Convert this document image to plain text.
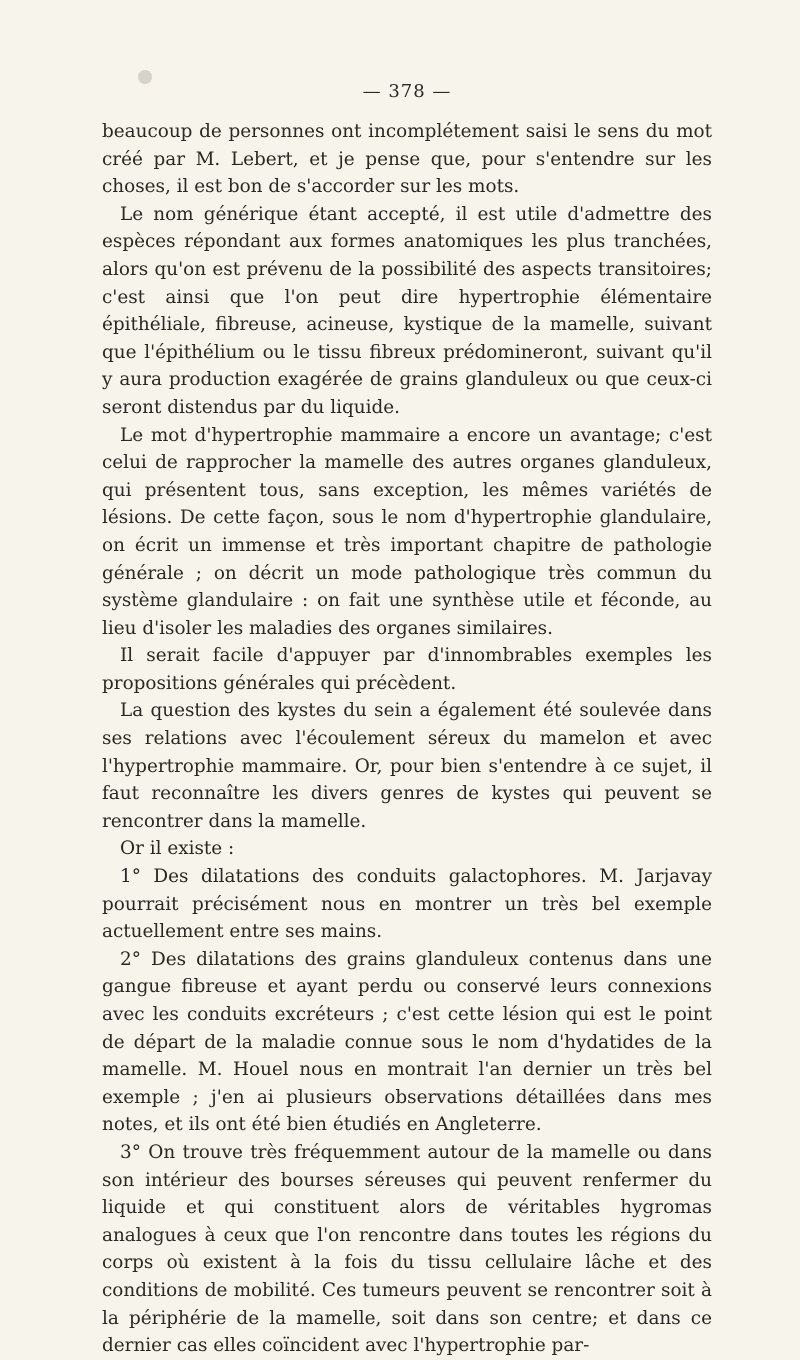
— 378 —

beaucoup de personnes ont incomplétement saisi le sens du mot créé par M. Lebert, et je pense que, pour s'entendre sur les choses, il est bon de s'accorder sur les mots.

Le nom générique étant accepté, il est utile d'admettre des espèces répondant aux formes anatomiques les plus tranchées, alors qu'on est prévenu de la possibilité des aspects transitoires; c'est ainsi que l'on peut dire hypertrophie élémentaire épithéliale, fibreuse, acineuse, kystique de la mamelle, suivant que l'épithélium ou le tissu fibreux prédomineront, suivant qu'il y aura production exagérée de grains glanduleux ou que ceux-ci seront distendus par du liquide.

Le mot d'hypertrophie mammaire a encore un avantage; c'est celui de rapprocher la mamelle des autres organes glanduleux, qui présentent tous, sans exception, les mêmes variétés de lésions. De cette façon, sous le nom d'hypertrophie glandulaire, on écrit un immense et très important chapitre de pathologie générale ; on décrit un mode pathologique très commun du système glandulaire : on fait une synthèse utile et féconde, au lieu d'isoler les maladies des organes similaires.

Il serait facile d'appuyer par d'innombrables exemples les propositions générales qui précèdent.

La question des kystes du sein a également été soulevée dans ses relations avec l'écoulement séreux du mamelon et avec l'hypertrophie mammaire. Or, pour bien s'entendre à ce sujet, il faut reconnaître les divers genres de kystes qui peuvent se rencontrer dans la mamelle.

Or il existe :

1° Des dilatations des conduits galactophores. M. Jarjavay pourrait précisément nous en montrer un très bel exemple actuellement entre ses mains.

2° Des dilatations des grains glanduleux contenus dans une gangue fibreuse et ayant perdu ou conservé leurs connexions avec les conduits excréteurs ; c'est cette lésion qui est le point de départ de la maladie connue sous le nom d'hydatides de la mamelle. M. Houel nous en montrait l'an dernier un très bel exemple ; j'en ai plusieurs observations détaillées dans mes notes, et ils ont été bien étudiés en Angleterre.

3° On trouve très fréquemment autour de la mamelle ou dans son intérieur des bourses séreuses qui peuvent renfermer du liquide et qui constituent alors de véritables hygromas analogues à ceux que l'on rencontre dans toutes les régions du corps où existent à la fois du tissu cellulaire lâche et des conditions de mobilité. Ces tumeurs peuvent se rencontrer soit à la périphérie de la mamelle, soit dans son centre; et dans ce dernier cas elles coïncident avec l'hypertrophie par-
